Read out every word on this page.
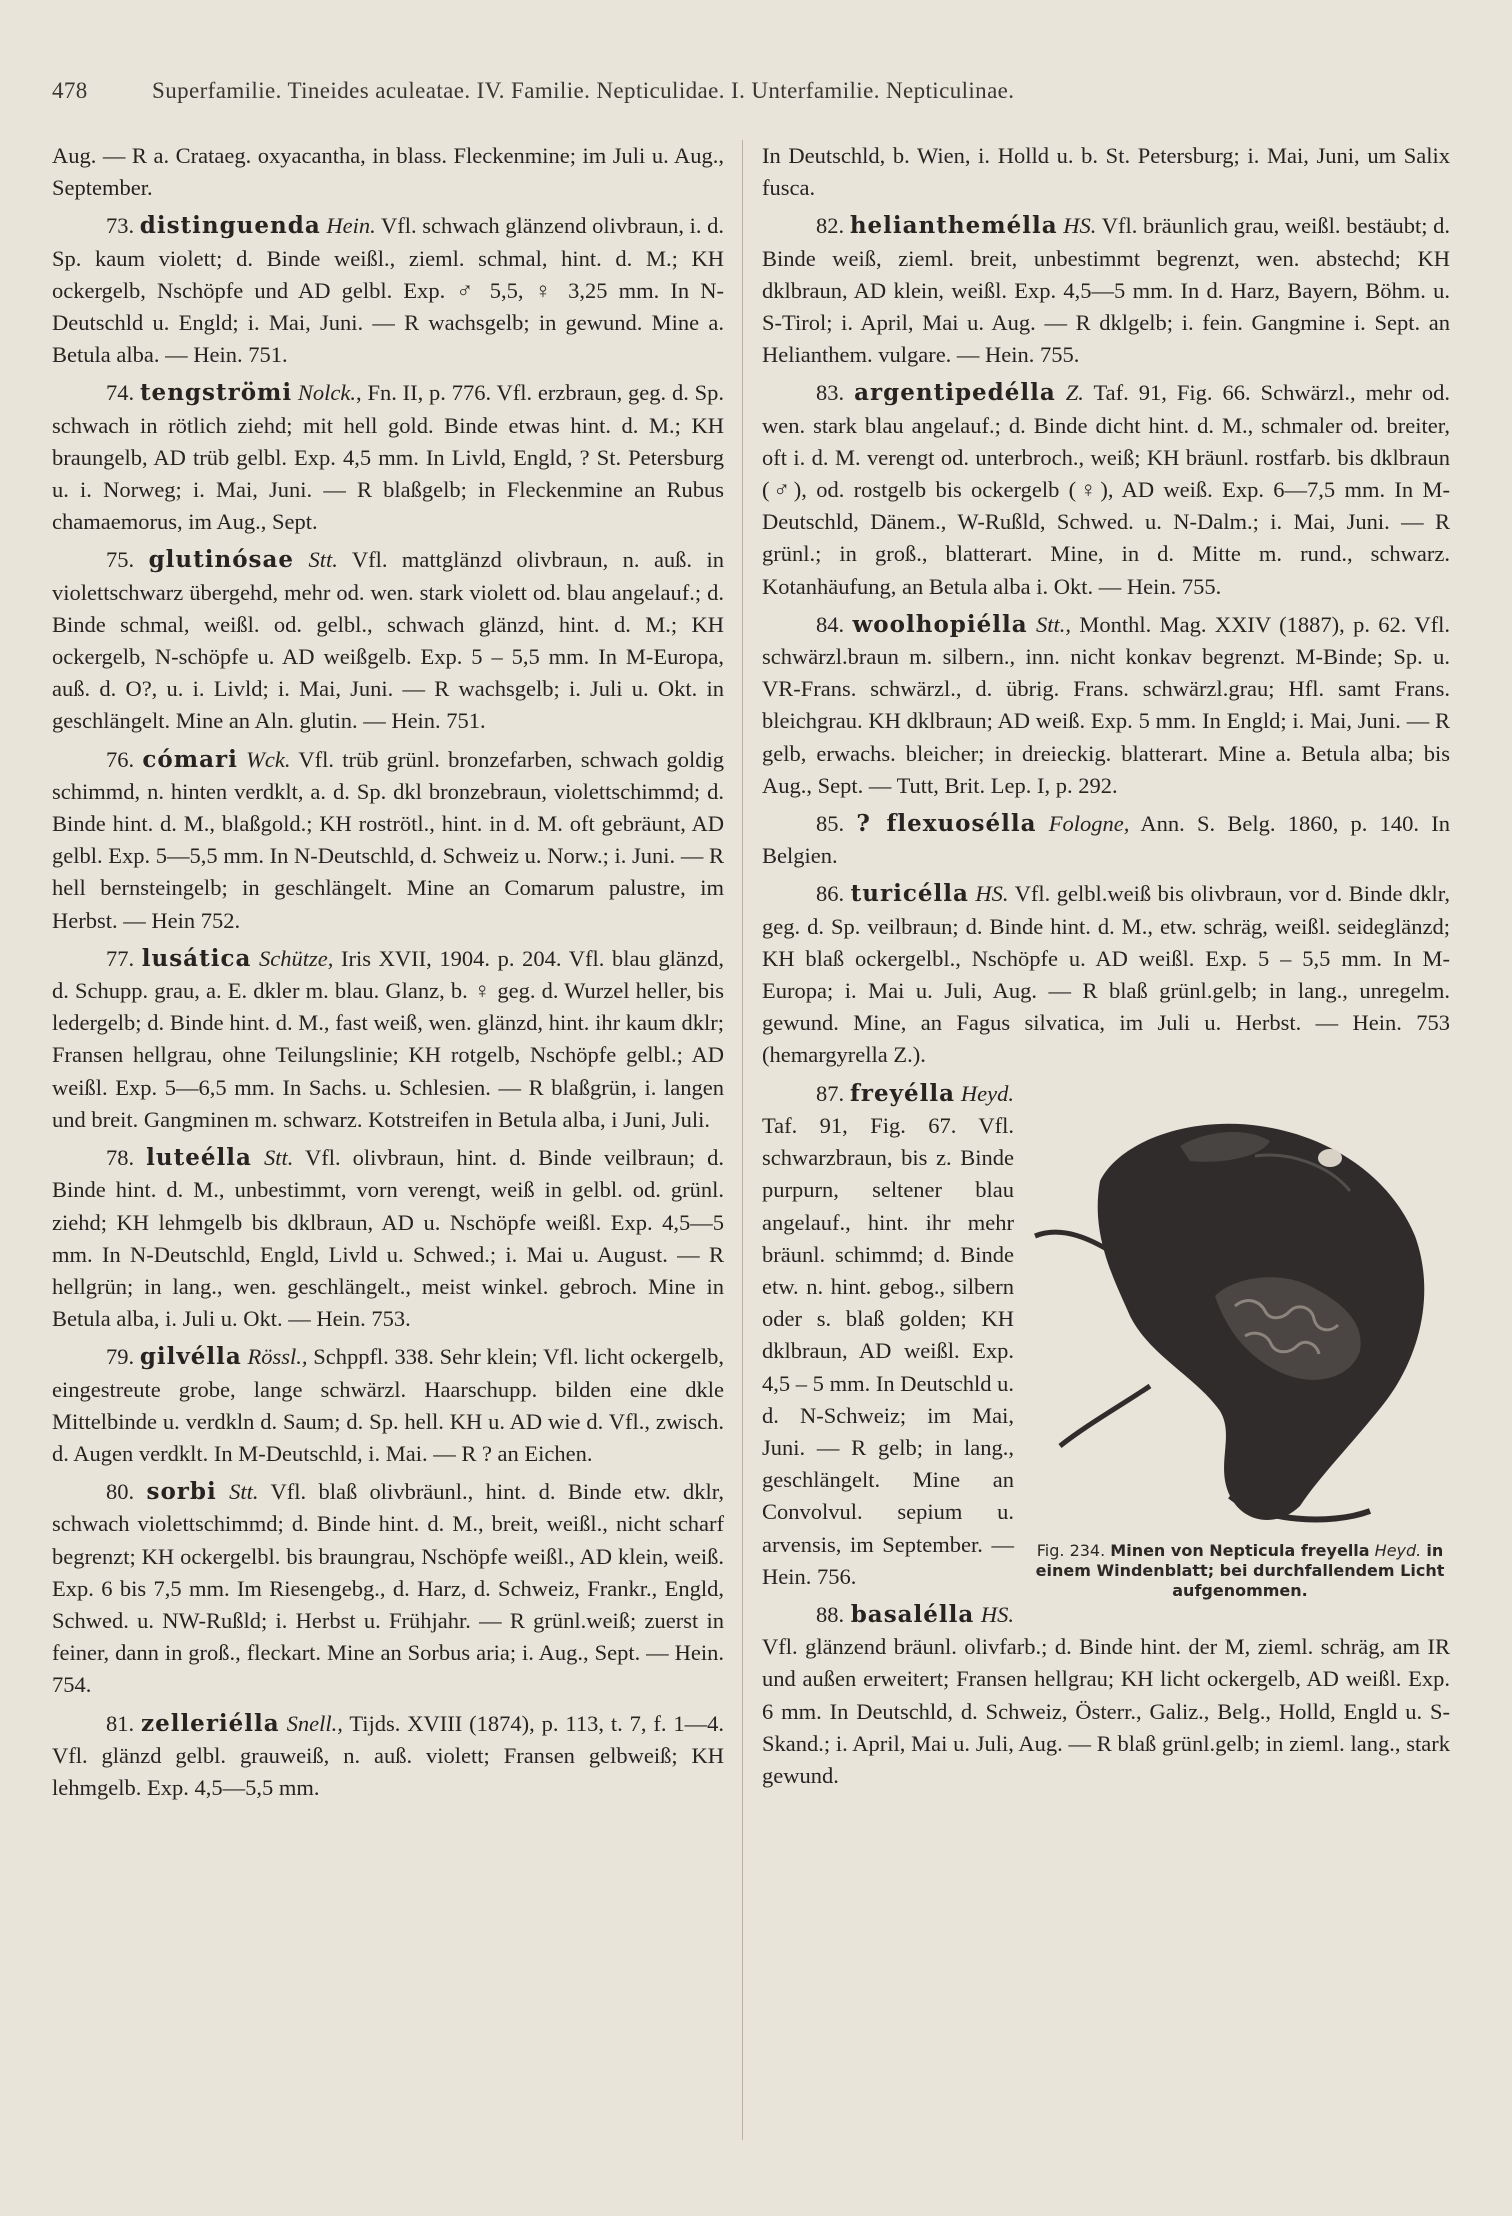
478	Superfamilie. Tineides aculeatae. IV. Familie. Nepticulidae. I. Unterfamilie. Nepticulinae.

Aug. — R a. Crataeg. oxyacantha, in blass. Fleckenmine; im Juli u. Aug., September.

73. distinguenda Hein. Vfl. schwach glänzend olivbraun, i. d. Sp. kaum violett; d. Binde weißl., zieml. schmal, hint. d. M.; KH ockergelb, Nschöpfe und AD gelbl. Exp. ♂ 5,5, ♀ 3,25 mm. In N-Deutschld u. Engld; i. Mai, Juni. — R wachsgelb; in gewund. Mine a. Betula alba. — Hein. 751.

74. tengströmi Nolck., Fn. II, p. 776. Vfl. erzbraun, geg. d. Sp. schwach in rötlich ziehd; mit hell gold. Binde etwas hint. d. M.; KH braungelb, AD trüb gelbl. Exp. 4,5 mm. In Livld, Engld, ? St. Petersburg u. i. Norweg; i. Mai, Juni. — R blaßgelb; in Fleckenmine an Rubus chamaemorus, im Aug., Sept.

75. glutinósae Stt. Vfl. mattglänzd olivbraun, n. auß. in violettschwarz übergehd, mehr od. wen. stark violett od. blau angelauf.; d. Binde schmal, weißl. od. gelbl., schwach glänzd, hint. d. M.; KH ockergelb, N-schöpfe u. AD weißgelb. Exp. 5 – 5,5 mm. In M-Europa, auß. d. O?, u. i. Livld; i. Mai, Juni. — R wachsgelb; i. Juli u. Okt. in geschlängelt. Mine an Aln. glutin. — Hein. 751.

76. cómari Wck. Vfl. trüb grünl. bronzefarben, schwach goldig schimmd, n. hinten verdklt, a. d. Sp. dkl bronzebraun, violettschimmd; d. Binde hint. d. M., blaßgold.; KH roströtl., hint. in d. M. oft gebräunt, AD gelbl. Exp. 5—5,5 mm. In N-Deutschld, d. Schweiz u. Norw.; i. Juni. — R hell bernsteingelb; in geschlängelt. Mine an Comarum palustre, im Herbst. — Hein 752.

77. lusática Schütze, Iris XVII, 1904. p. 204. Vfl. blau glänzd, d. Schupp. grau, a. E. dkler m. blau. Glanz, b. ♀ geg. d. Wurzel heller, bis ledergelb; d. Binde hint. d. M., fast weiß, wen. glänzd, hint. ihr kaum dklr; Fransen hellgrau, ohne Teilungslinie; KH rotgelb, Nschöpfe gelbl.; AD weißl. Exp. 5—6,5 mm. In Sachs. u. Schlesien. — R blaßgrün, i. langen und breit. Gangminen m. schwarz. Kotstreifen in Betula alba, i Juni, Juli.

78. luteélla Stt. Vfl. olivbraun, hint. d. Binde veilbraun; d. Binde hint. d. M., unbestimmt, vorn verengt, weiß in gelbl. od. grünl. ziehd; KH lehmgelb bis dklbraun, AD u. Nschöpfe weißl. Exp. 4,5—5 mm. In N-Deutschld, Engld, Livld u. Schwed.; i. Mai u. August. — R hellgrün; in lang., wen. geschlängelt., meist winkel. gebroch. Mine in Betula alba, i. Juli u. Okt. — Hein. 753.

79. gilvélla Rössl., Schppfl. 338. Sehr klein; Vfl. licht ockergelb, eingestreute grobe, lange schwärzl. Haarschupp. bilden eine dkle Mittelbinde u. verdkln d. Saum; d. Sp. hell. KH u. AD wie d. Vfl., zwisch. d. Augen verdklt. In M-Deutschld, i. Mai. — R ? an Eichen.

80. sorbi Stt. Vfl. blaß olivbräunl., hint. d. Binde etw. dklr, schwach violettschimmd; d. Binde hint. d. M., breit, weißl., nicht scharf begrenzt; KH ockergelbl. bis braungrau, Nschöpfe weißl., AD klein, weiß. Exp. 6 bis 7,5 mm. Im Riesengebg., d. Harz, d. Schweiz, Frankr., Engld, Schwed. u. NW-Rußld; i. Herbst u. Frühjahr. — R grünl.weiß; zuerst in feiner, dann in groß., fleckart. Mine an Sorbus aria; i. Aug., Sept. — Hein. 754.

81. zelleriélla Snell., Tijds. XVIII (1874), p. 113, t. 7, f. 1—4. Vfl. glänzd gelbl. grauweiß, n. auß. violett; Fransen gelbweiß; KH lehmgelb. Exp. 4,5—5,5 mm.

In Deutschld, b. Wien, i. Holld u. b. St. Petersburg; i. Mai, Juni, um Salix fusca.

82. helianthemélla HS. Vfl. bräunlich grau, weißl. bestäubt; d. Binde weiß, zieml. breit, unbestimmt begrenzt, wen. abstechd; KH dklbraun, AD klein, weißl. Exp. 4,5—5 mm. In d. Harz, Bayern, Böhm. u. S-Tirol; i. April, Mai u. Aug. — R dklgelb; i. fein. Gangmine i. Sept. an Helianthem. vulgare. — Hein. 755.

83. argentipedélla Z. Taf. 91, Fig. 66. Schwärzl., mehr od. wen. stark blau angelauf.; d. Binde dicht hint. d. M., schmaler od. breiter, oft i. d. M. verengt od. unterbroch., weiß; KH bräunl. rostfarb. bis dklbraun (♂), od. rostgelb bis ockergelb (♀), AD weiß. Exp. 6—7,5 mm. In M-Deutschld, Dänem., W-Rußld, Schwed. u. N-Dalm.; i. Mai, Juni. — R grünl.; in groß., blatterart. Mine, in d. Mitte m. rund., schwarz. Kotanhäufung, an Betula alba i. Okt. — Hein. 755.

84. woolhopiélla Stt., Monthl. Mag. XXIV (1887), p. 62. Vfl. schwärzl.braun m. silbern., inn. nicht konkav begrenzt. M-Binde; Sp. u. VR-Frans. schwärzl., d. übrig. Frans. schwärzl.grau; Hfl. samt Frans. bleichgrau. KH dklbraun; AD weiß. Exp. 5 mm. In Engld; i. Mai, Juni. — R gelb, erwachs. bleicher; in dreieckig. blatterart. Mine a. Betula alba; bis Aug., Sept. — Tutt, Brit. Lep. I, p. 292.

85. ? flexuosélla Fologne, Ann. S. Belg. 1860, p. 140. In Belgien.

86. turicélla HS. Vfl. gelbl.weiß bis olivbraun, vor d. Binde dklr, geg. d. Sp. veilbraun; d. Binde hint. d. M., etw. schräg, weißl. seideglänzd; KH blaß ockergelbl., Nschöpfe u. AD weißl. Exp. 5 – 5,5 mm. In M-Europa; i. Mai u. Juli, Aug. — R blaß grünl.gelb; in lang., unregelm. gewund. Mine, an Fagus silvatica, im Juli u. Herbst. — Hein. 753 (hemargyrella Z.).

Fig. 234. Minen von Nepticula freyella Heyd. in einem Windenblatt; bei durchfallendem Licht aufgenommen.

87. freyélla Heyd. Taf. 91, Fig. 67. Vfl. schwarzbraun, bis z. Binde purpurn, seltener blau angelauf., hint. ihr mehr bräunl. schimmd; d. Binde etw. n. hint. gebog., silbern oder s. blaß golden; KH dklbraun, AD weißl. Exp. 4,5 – 5 mm. In Deutschld u. d. N-Schweiz; im Mai, Juni. — R gelb; in lang., geschlängelt. Mine an Convolvul. sepium u. arvensis, im September. — Hein. 756.

88. basalélla HS. Vfl. glänzend bräunl. olivfarb.; d. Binde hint. der M, zieml. schräg, am IR und außen erweitert; Fransen hellgrau; KH licht ockergelb, AD weißl. Exp. 6 mm. In Deutschld, d. Schweiz, Österr., Galiz., Belg., Holld, Engld u. S-Skand.; i. April, Mai u. Juli, Aug. — R blaß grünl.gelb; in zieml. lang., stark gewund.
